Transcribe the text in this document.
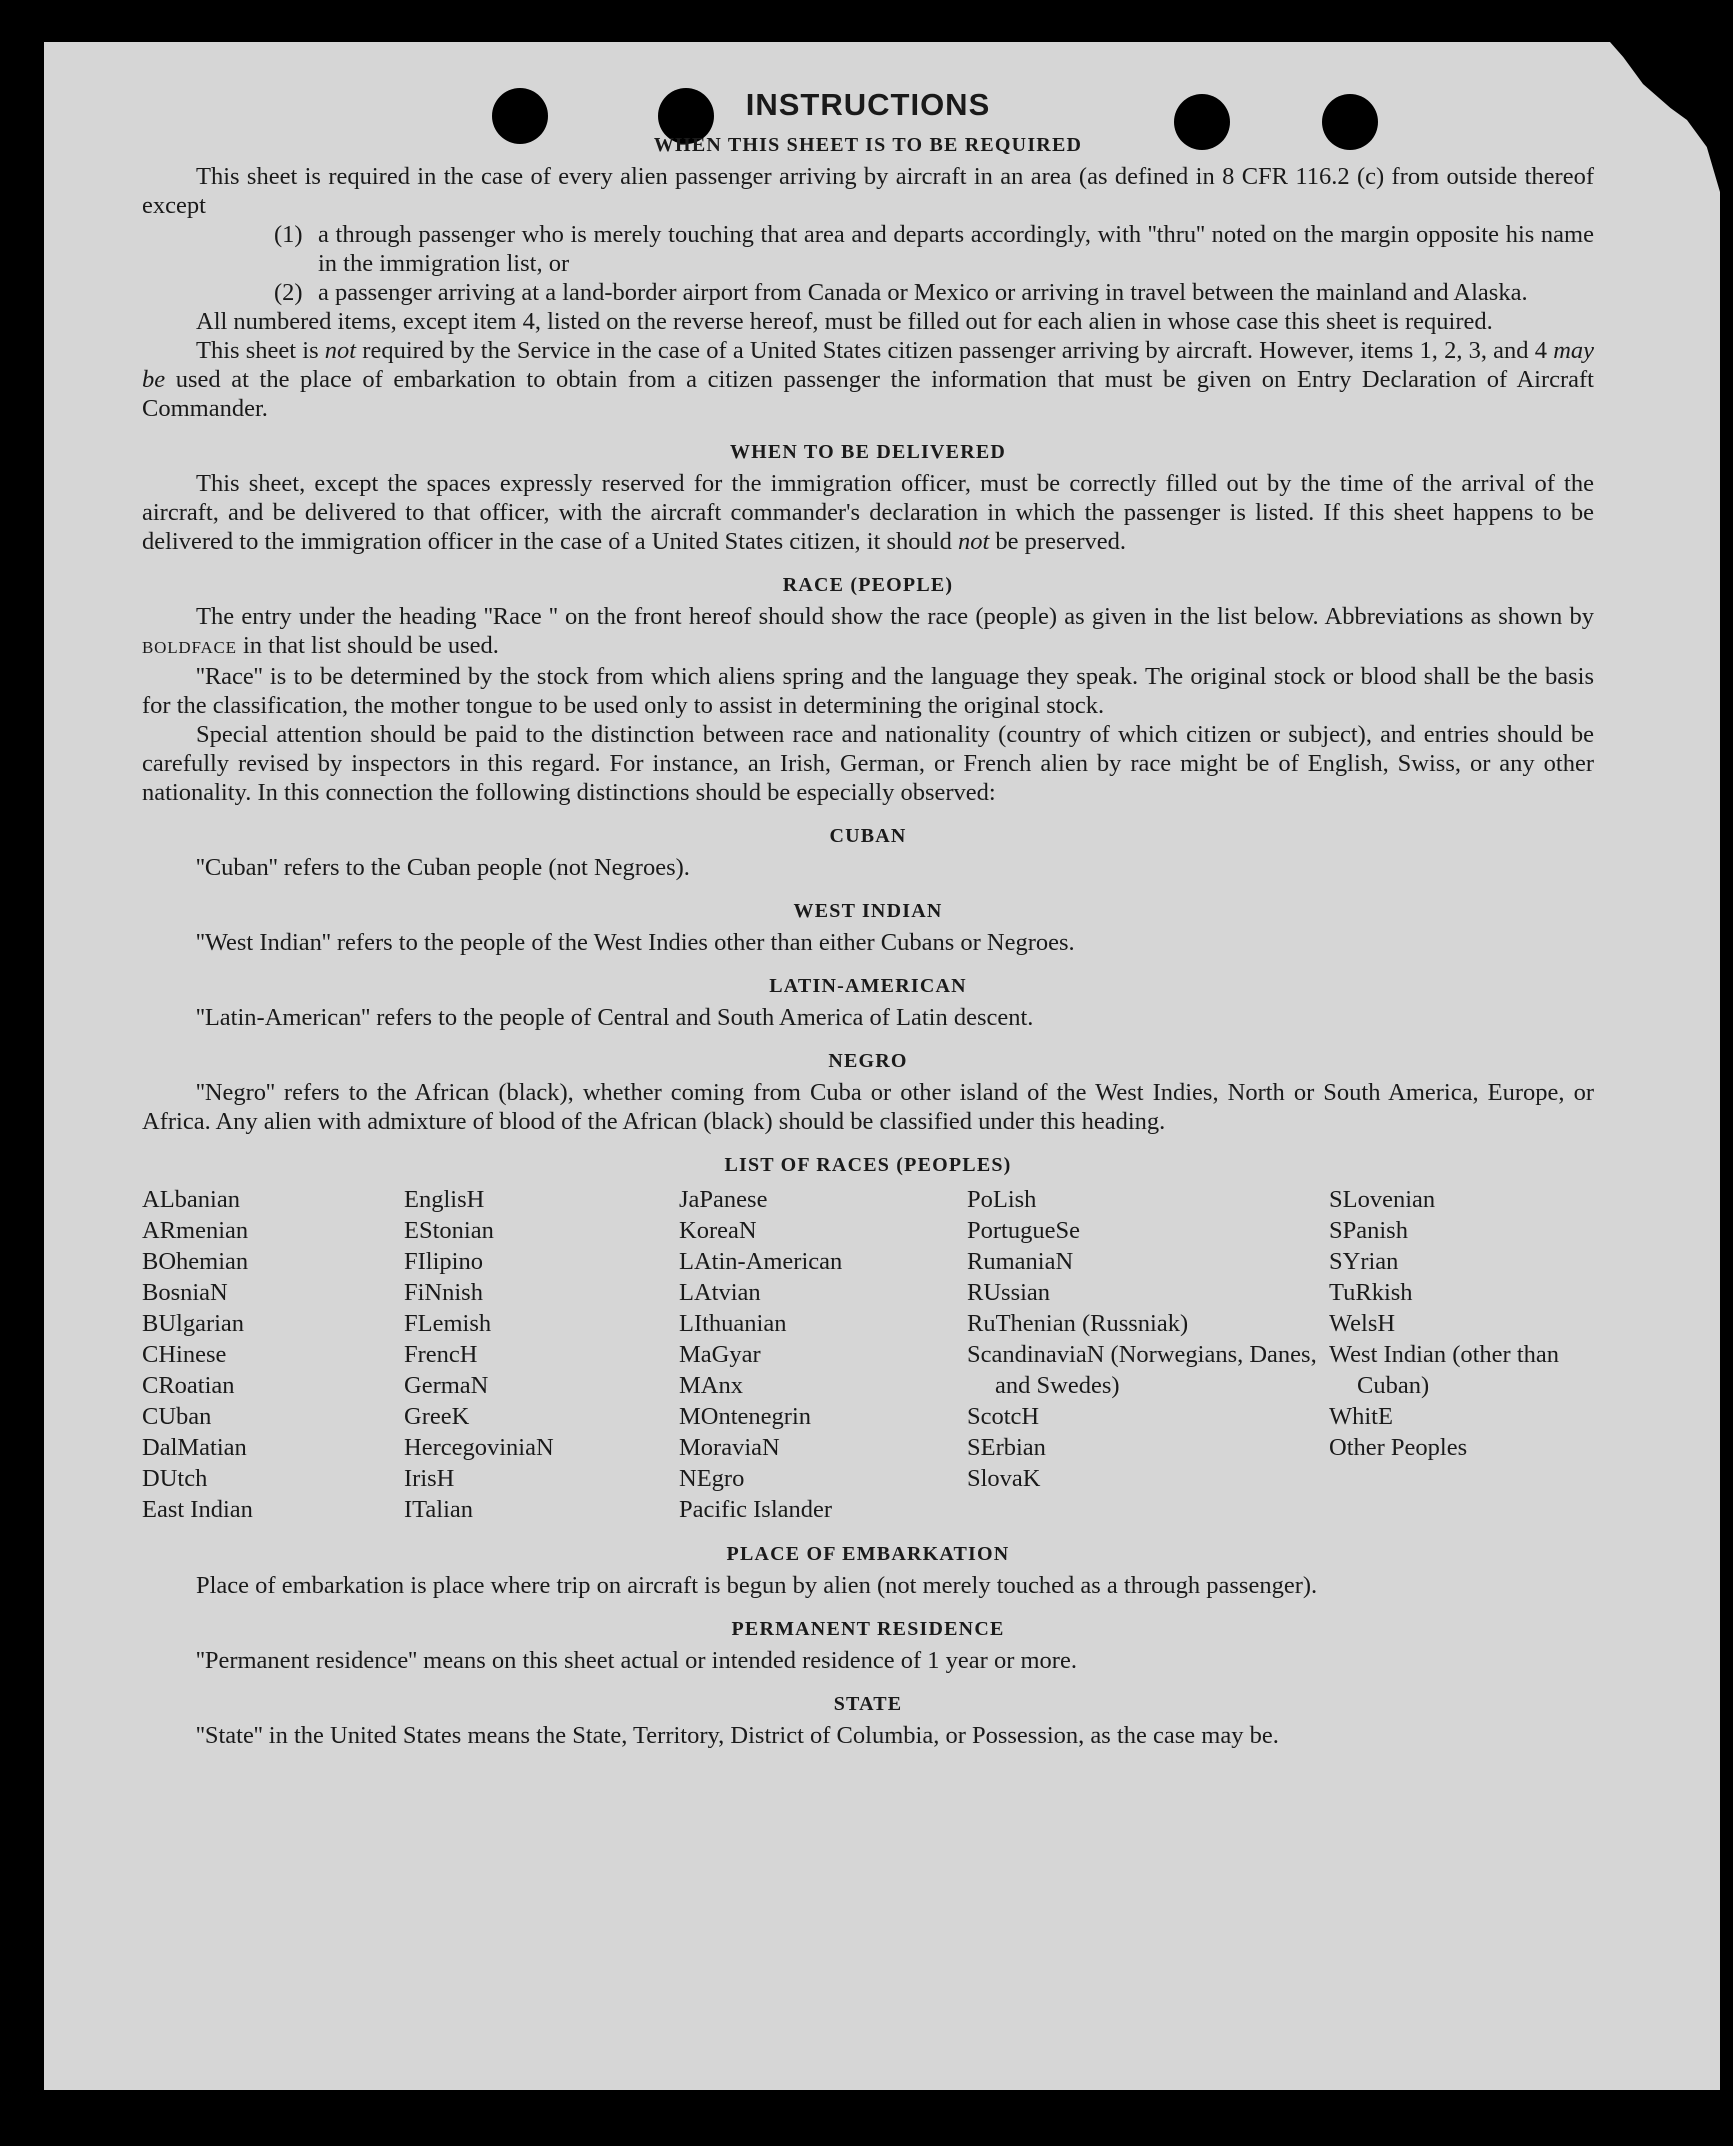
INSTRUCTIONS
WHEN THIS SHEET IS TO BE REQUIRED

This sheet is required in the case of every alien passenger arriving by aircraft in an area (as defined in 8 CFR 116.2 (c) from outside thereof except

(1) a through passenger who is merely touching that area and departs accordingly, with ''thru'' noted on the margin opposite his name in the immigration list, or
(2) a passenger arriving at a land-border airport from Canada or Mexico or arriving in travel between the mainland and Alaska.

All numbered items, except item 4, listed on the reverse hereof, must be filled out for each alien in whose case this sheet is required.

This sheet is not required by the Service in the case of a United States citizen passenger arriving by aircraft. However, items 1, 2, 3, and 4 may be used at the place of embarkation to obtain from a citizen passenger the information that must be given on Entry Declaration of Aircraft Commander.

WHEN TO BE DELIVERED

This sheet, except the spaces expressly reserved for the immigration officer, must be correctly filled out by the time of the arrival of the aircraft, and be delivered to that officer, with the aircraft commander's declaration in which the passenger is listed. If this sheet happens to be delivered to the immigration officer in the case of a United States citizen, it should not be preserved.

RACE (PEOPLE)

The entry under the heading ''Race '' on the front hereof should show the race (people) as given in the list below. Abbreviations as shown by BOLDFACE in that list should be used.

''Race'' is to be determined by the stock from which aliens spring and the language they speak. The original stock or blood shall be the basis for the classification, the mother tongue to be used only to assist in determining the original stock.

Special attention should be paid to the distinction between race and nationality (country of which citizen or subject), and entries should be carefully revised by inspectors in this regard. For instance, an Irish, German, or French alien by race might be of English, Swiss, or any other nationality. In this connection the following distinctions should be especially observed:

CUBAN

''Cuban'' refers to the Cuban people (not Negroes).

WEST INDIAN

''West Indian'' refers to the people of the West Indies other than either Cubans or Negroes.

LATIN-AMERICAN

''Latin-American'' refers to the people of Central and South America of Latin descent.

NEGRO

''Negro'' refers to the African (black), whether coming from Cuba or other island of the West Indies, North or South America, Europe, or Africa. Any alien with admixture of blood of the African (black) should be classified under this heading.

LIST OF RACES (PEOPLES)
ALbanian
ARmenian
BOhemian
BosniaN
BUlgarian
CHinese
CRoatian
CUban
DalMatian
DUtch
East Indian
EnglisH
EStonian
FIlipino
FiNnish
FLemish
FrencH
GermaN
GreeK
HercegoviniaN
IrisH
ITalian
JaPanese
KoreaN
LAtin-American
LAtvian
LIthuanian
MaGyar
MAnx
MOntenegrin
MoraviaN
NEgro
Pacific Islander
PoLish
PortugueSe
RumaniaN
RUssian
RuThenian (Russniak)
ScandinaviaN (Norwegians, Danes, and Swedes)
ScotcH
SErbian
SlovaK
SLovenian
SPanish
SYrian
TuRkish
WelsH
West Indian (other than Cuban)
WhitE
Other Peoples
PLACE OF EMBARKATION

Place of embarkation is place where trip on aircraft is begun by alien (not merely touched as a through passenger).

PERMANENT RESIDENCE

''Permanent residence'' means on this sheet actual or intended residence of 1 year or more.

STATE

''State'' in the United States means the State, Territory, District of Columbia, or Possession, as the case may be.
